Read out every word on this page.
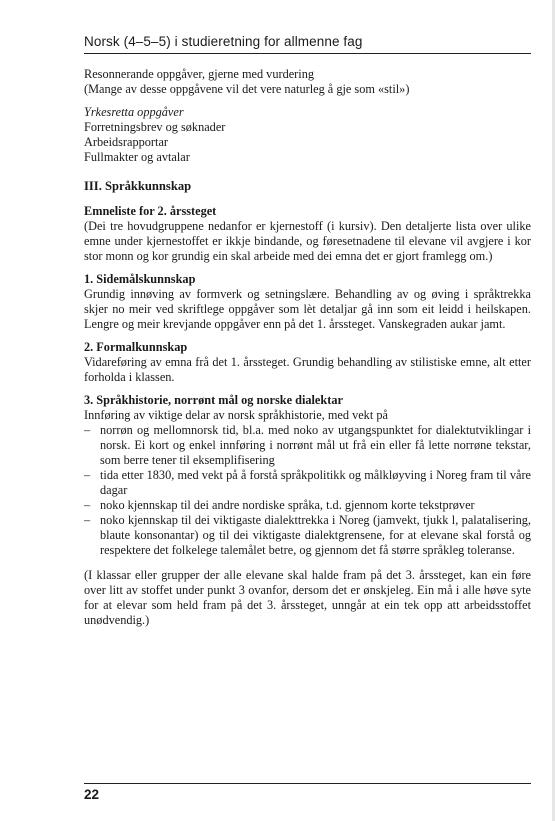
Norsk (4–5–5) i studieretning for allmenne fag

Resonnerande oppgåver, gjerne med vurdering

(Mange av desse oppgåvene vil det vere naturleg å gje som «stil»)

Yrkesretta oppgåver

Forretningsbrev og søknader

Arbeidsrapportar

Fullmakter og avtalar

III. Språkkunnskap

Emneliste for 2. årssteget

(Dei tre hovudgruppene nedanfor er kjernestoff (i kursiv). Den detaljerte lista over ulike emne under kjernestoffet er ikkje bindande, og føresetnadene til elevane vil avgjere i kor stor monn og kor grundig ein skal arbeide med dei emna det er gjort framlegg om.)

1. Sidemålskunnskap

Grundig innøving av formverk og setningslære. Behandling av og øving i språktrekka skjer no meir ved skriftlege oppgåver som lèt detaljar gå inn som eit leidd i heilskapen. Lengre og meir krevjande oppgåver enn på det 1. årssteget. Vanskegraden aukar jamt.

2. Formalkunnskap

Vidareføring av emna frå det 1. årssteget. Grundig behandling av stilistiske emne, alt etter forholda i klassen.

3. Språkhistorie, norrønt mål og norske dialektar

Innføring av viktige delar av norsk språkhistorie, med vekt på

– norrøn og mellomnorsk tid, bl.a. med noko av utgangspunktet for dialektutviklingar i norsk. Ei kort og enkel innføring i norrønt mål ut frå ein eller få lette norrøne tekstar, som berre tener til eksemplifisering
– tida etter 1830, med vekt på å forstå språkpolitikk og målkløyving i Noreg fram til våre dagar
– noko kjennskap til dei andre nordiske språka, t.d. gjennom korte tekstprøver
– noko kjennskap til dei viktigaste dialekttrekka i Noreg (jamvekt, tjukk l, palatalisering, blaute konsonantar) og til dei viktigaste dialektgrensene, for at elevane skal forstå og respektere det folkelege talemålet betre, og gjennom det få større språkleg toleranse.

(I klassar eller grupper der alle elevane skal halde fram på det 3. årssteget, kan ein føre over litt av stoffet under punkt 3 ovanfor, dersom det er ønskjeleg. Ein må i alle høve syte for at elevar som held fram på det 3. årssteget, unngår at ein tek opp att arbeidsstoffet unødvendig.)

22
